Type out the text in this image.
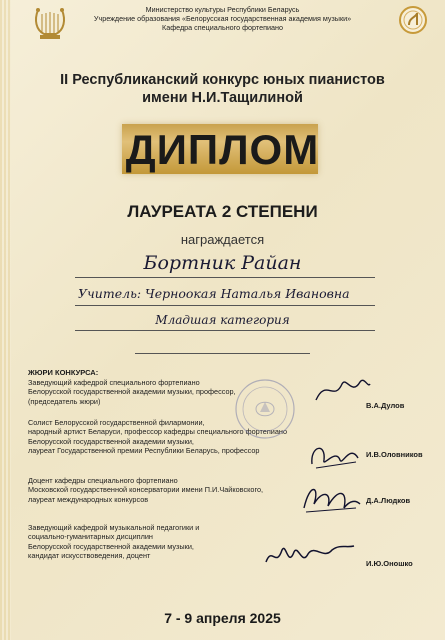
Министерство культуры Республики Беларусь
Учреждение образования «Белорусская государственная академия музыки»
Кафедра специального фортепиано
II Республиканский конкурс юных пианистов
имени Н.И.Тащилиной
ДИПЛОМ
ЛАУРЕАТА 2 СТЕПЕНИ
награждается
Бортник Райан
Учитель: Черноокая Наталья Ивановна
Младшая категория
ЖЮРИ КОНКУРСА:
Заведующий кафедрой специального фортепиано
Белорусской государственной академии музыки, профессор,
(председатель жюри)	В.А.Дулов
Солист Белорусской государственной филармонии,
народный артист Беларуси, профессор кафедры специального фортепиано
Белорусской государственной академии музыки,
лауреат Государственной премии Республики Беларусь, профессор	И.В.Оловников
Доцент кафедры специального фортепиано
Московской государственной консерватории имени П.И.Чайковского,
лауреат международных конкурсов	Д.А.Людков
Заведующий кафедрой музыкальной педагогики и
социально-гуманитарных дисциплин
Белорусской государственной академии музыки,
кандидат искусствоведения, доцент
И.Ю.Оношко
7 - 9 апреля 2025
